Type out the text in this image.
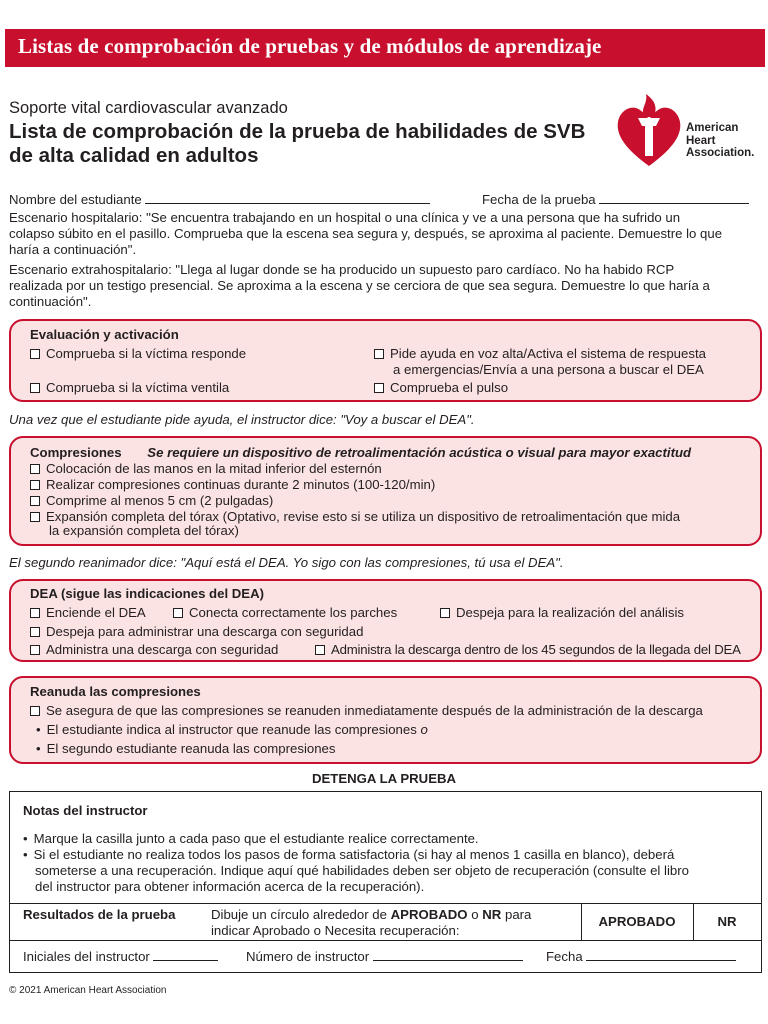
Listas de comprobación de pruebas y de módulos de aprendizaje
Soporte vital cardiovascular avanzado
Lista de comprobación de la prueba de habilidades de SVB
de alta calidad en adultos
American
Heart
Association.
Nombre del estudiante	Fecha de la prueba
Escenario hospitalario: "Se encuentra trabajando en un hospital o una clínica y ve a una persona que ha sufrido un
colapso súbito en el pasillo. Comprueba que la escena sea segura y, después, se aproxima al paciente. Demuestre lo que
haría a continuación".
Escenario extrahospitalario: "Llega al lugar donde se ha producido un supuesto paro cardíaco. No ha habido RCP
realizada por un testigo presencial. Se aproxima a la escena y se cerciora de que sea segura. Demuestre lo que haría a
continuación".
Evaluación y activación
Comprueba si la víctima responde	Pide ayuda en voz alta/Activa el sistema de respuesta
a emergencias/Envía a una persona a buscar el DEA
Comprueba si la víctima ventila	Comprueba el pulso
Una vez que el estudiante pide ayuda, el instructor dice: "Voy a buscar el DEA".
Compresiones Se requiere un dispositivo de retroalimentación acústica o visual para mayor exactitud
Colocación de las manos en la mitad inferior del esternón
Realizar compresiones continuas durante 2 minutos (100-120/min)
Comprime al menos 5 cm (2 pulgadas)
Expansión completa del tórax (Optativo, revise esto si se utiliza un dispositivo de retroalimentación que mida
la expansión completa del tórax)
El segundo reanimador dice: "Aquí está el DEA. Yo sigo con las compresiones, tú usa el DEA".
DEA (sigue las indicaciones del DEA)
Enciende el DEA	Conecta correctamente los parches	Despeja para la realización del análisis
Despeja para administrar una descarga con seguridad
Administra una descarga con seguridad	Administra la descarga dentro de los 45 segundos de la llegada del DEA
Reanuda las compresiones
Se asegura de que las compresiones se reanuden inmediatamente después de la administración de la descarga
• El estudiante indica al instructor que reanude las compresiones o
• El segundo estudiante reanuda las compresiones
DETENGA LA PRUEBA
Notas del instructor
• Marque la casilla junto a cada paso que el estudiante realice correctamente.
• Si el estudiante no realiza todos los pasos de forma satisfactoria (si hay al menos 1 casilla en blanco), deberá
someterse a una recuperación. Indique aquí qué habilidades deben ser objeto de recuperación (consulte el libro
del instructor para obtener información acerca de la recuperación).
Resultados de la prueba	Dibuje un círculo alrededor de APROBADO o NR para
indicar Aprobado o Necesita recuperación:
APROBADO	NR
Iniciales del instructor	Número de instructor	Fecha
© 2021 American Heart Association
